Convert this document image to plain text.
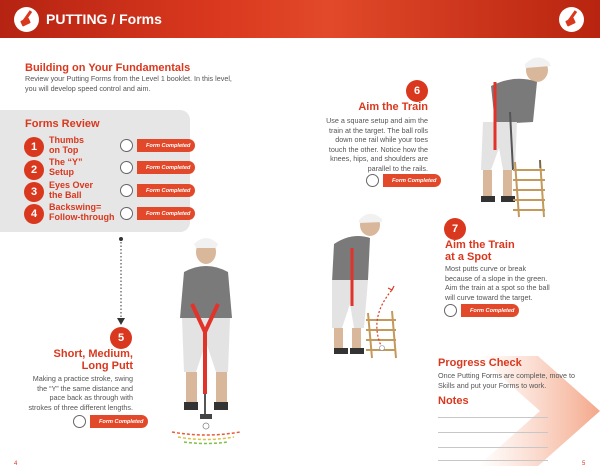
PUTTING / Forms
Building on Your Fundamentals
Review your Putting Forms from the Level 1 booklet. In this level,
you will develop speed control and aim.
Forms Review
1
Thumbs
on Top	Form Completed
2
The “Y”
Setup	Form Completed
3
Eyes Over
the Ball	Form Completed
4
Backswing=
Follow-through	Form Completed
5
Short, Medium,
Long Putt
Making a practice stroke, swing
the “Y” the same distance and
pace back as through with
strokes of three different lengths.
Form Completed
6
Aim the Train
Use a square setup and aim the
train at the target. The ball rolls
down one rail while your toes
touch the other. Notice how the
knees, hips, and shoulders are
parallel to the rails.
Form Completed
7
Aim the Train
at a Spot
Most putts curve or break
because of a slope in the green.
Aim the train at a spot so the ball
will curve toward the target.
Form Completed
Progress Check
Once Putting Forms are complete, move to
Skills and put your Forms to work.
Notes
4	5
